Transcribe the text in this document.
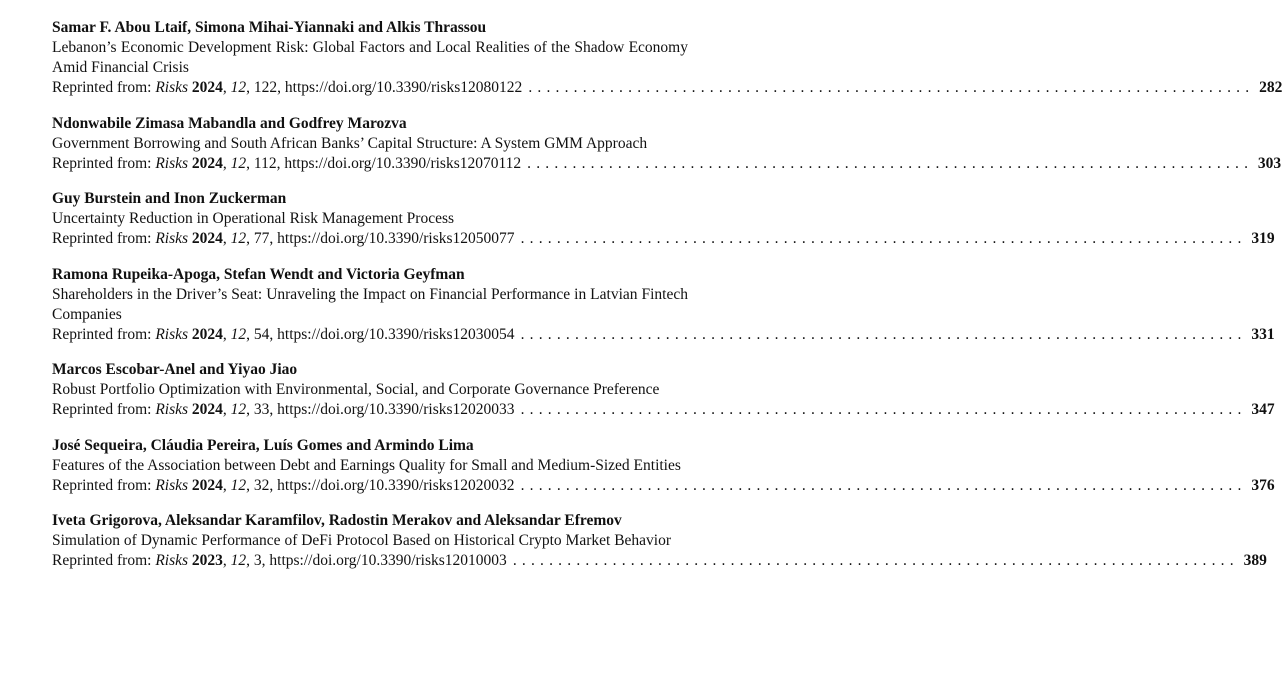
Samar F. Abou Ltaif, Simona Mihai-Yiannaki and Alkis Thrassou
Lebanon’s Economic Development Risk: Global Factors and Local Realities of the Shadow Economy Amid Financial Crisis
Reprinted from: Risks 2024, 12, 122, https://doi.org/10.3390/risks12080122 ................................................................................ 282
Ndonwabile Zimasa Mabandla and Godfrey Marozva
Government Borrowing and South African Banks’ Capital Structure: A System GMM Approach
Reprinted from: Risks 2024, 12, 112, https://doi.org/10.3390/risks12070112 ................................................................................ 303
Guy Burstein and Inon Zuckerman
Uncertainty Reduction in Operational Risk Management Process
Reprinted from: Risks 2024, 12, 77, https://doi.org/10.3390/risks12050077 ................................................................................ 319
Ramona Rupeika-Apoga, Stefan Wendt and Victoria Geyfman
Shareholders in the Driver’s Seat: Unraveling the Impact on Financial Performance in Latvian Fintech Companies
Reprinted from: Risks 2024, 12, 54, https://doi.org/10.3390/risks12030054 ................................................................................ 331
Marcos Escobar-Anel and Yiyao Jiao
Robust Portfolio Optimization with Environmental, Social, and Corporate Governance Preference
Reprinted from: Risks 2024, 12, 33, https://doi.org/10.3390/risks12020033 ................................................................................ 347
José Sequeira, Cláudia Pereira, Luís Gomes and Armindo Lima
Features of the Association between Debt and Earnings Quality for Small and Medium-Sized Entities
Reprinted from: Risks 2024, 12, 32, https://doi.org/10.3390/risks12020032 ................................................................................ 376
Iveta Grigorova, Aleksandar Karamfilov, Radostin Merakov and Aleksandar Efremov
Simulation of Dynamic Performance of DeFi Protocol Based on Historical Crypto Market Behavior
Reprinted from: Risks 2023, 12, 3, https://doi.org/10.3390/risks12010003 ................................................................................ 389
